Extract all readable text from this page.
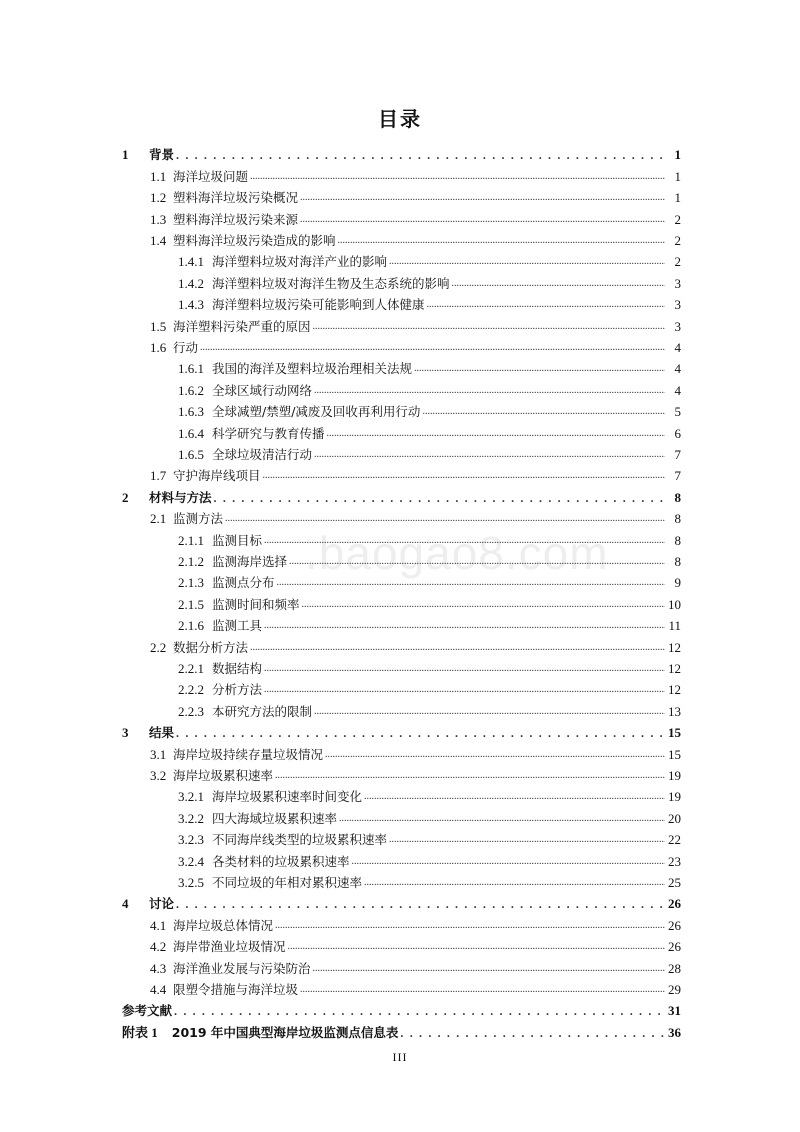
.baogao8.com
目录
1	背景 .....	1
1.1 海洋垃圾问题 .....	1
1.2 塑料海洋垃圾污染概况 .....	1
1.3 塑料海洋垃圾污染来源 .....	2
1.4 塑料海洋垃圾污染造成的影响 .....	2
1.4.1 海洋塑料垃圾对海洋产业的影响 .....	2
1.4.2 海洋塑料垃圾对海洋生物及生态系统的影响 .....	3
1.4.3 海洋塑料垃圾污染可能影响到人体健康 .....	3
1.5 海洋塑料污染严重的原因 .....	3
1.6 行动 .....	4
1.6.1 我国的海洋及塑料垃圾治理相关法规 .....	4
1.6.2 全球区域行动网络 .....	4
1.6.3 全球减塑/禁塑/减废及回收再利用行动 .....	5
1.6.4 科学研究与教育传播 .....	6
1.6.5 全球垃圾清洁行动 .....	7
1.7 守护海岸线项目 .....	7
2	材料与方法 .....	8
2.1 监测方法 .....	8
2.1.1 监测目标 .....	8
2.1.2 监测海岸选择 .....	8
2.1.3 监测点分布 .....	9
2.1.5 监测时间和频率 .....	10
2.1.6 监测工具 .....	11
2.2 数据分析方法 .....	12
2.2.1 数据结构 .....	12
2.2.2 分析方法 .....	12
2.2.3 本研究方法的限制 .....	13
3	结果 .....	15
3.1 海岸垃圾持续存量垃圾情况 .....	15
3.2 海岸垃圾累积速率 .....	19
3.2.1 海岸垃圾累积速率时间变化 .....	19
3.2.2 四大海域垃圾累积速率 .....	20
3.2.3 不同海岸线类型的垃圾累积速率 .....	22
3.2.4 各类材料的垃圾累积速率 .....	23
3.2.5 不同垃圾的年相对累积速率 .....	25
4	讨论 .....	26
4.1 海岸垃圾总体情况 .....	26
4.2 海岸带渔业垃圾情况 .....	26
4.3 海洋渔业发展与污染防治 .....	28
4.4 限塑令措施与海洋垃圾 .....	29
参考文献 .....	31
附表 1 2019 年中国典型海岸垃圾监测点信息表 .....	36
III
